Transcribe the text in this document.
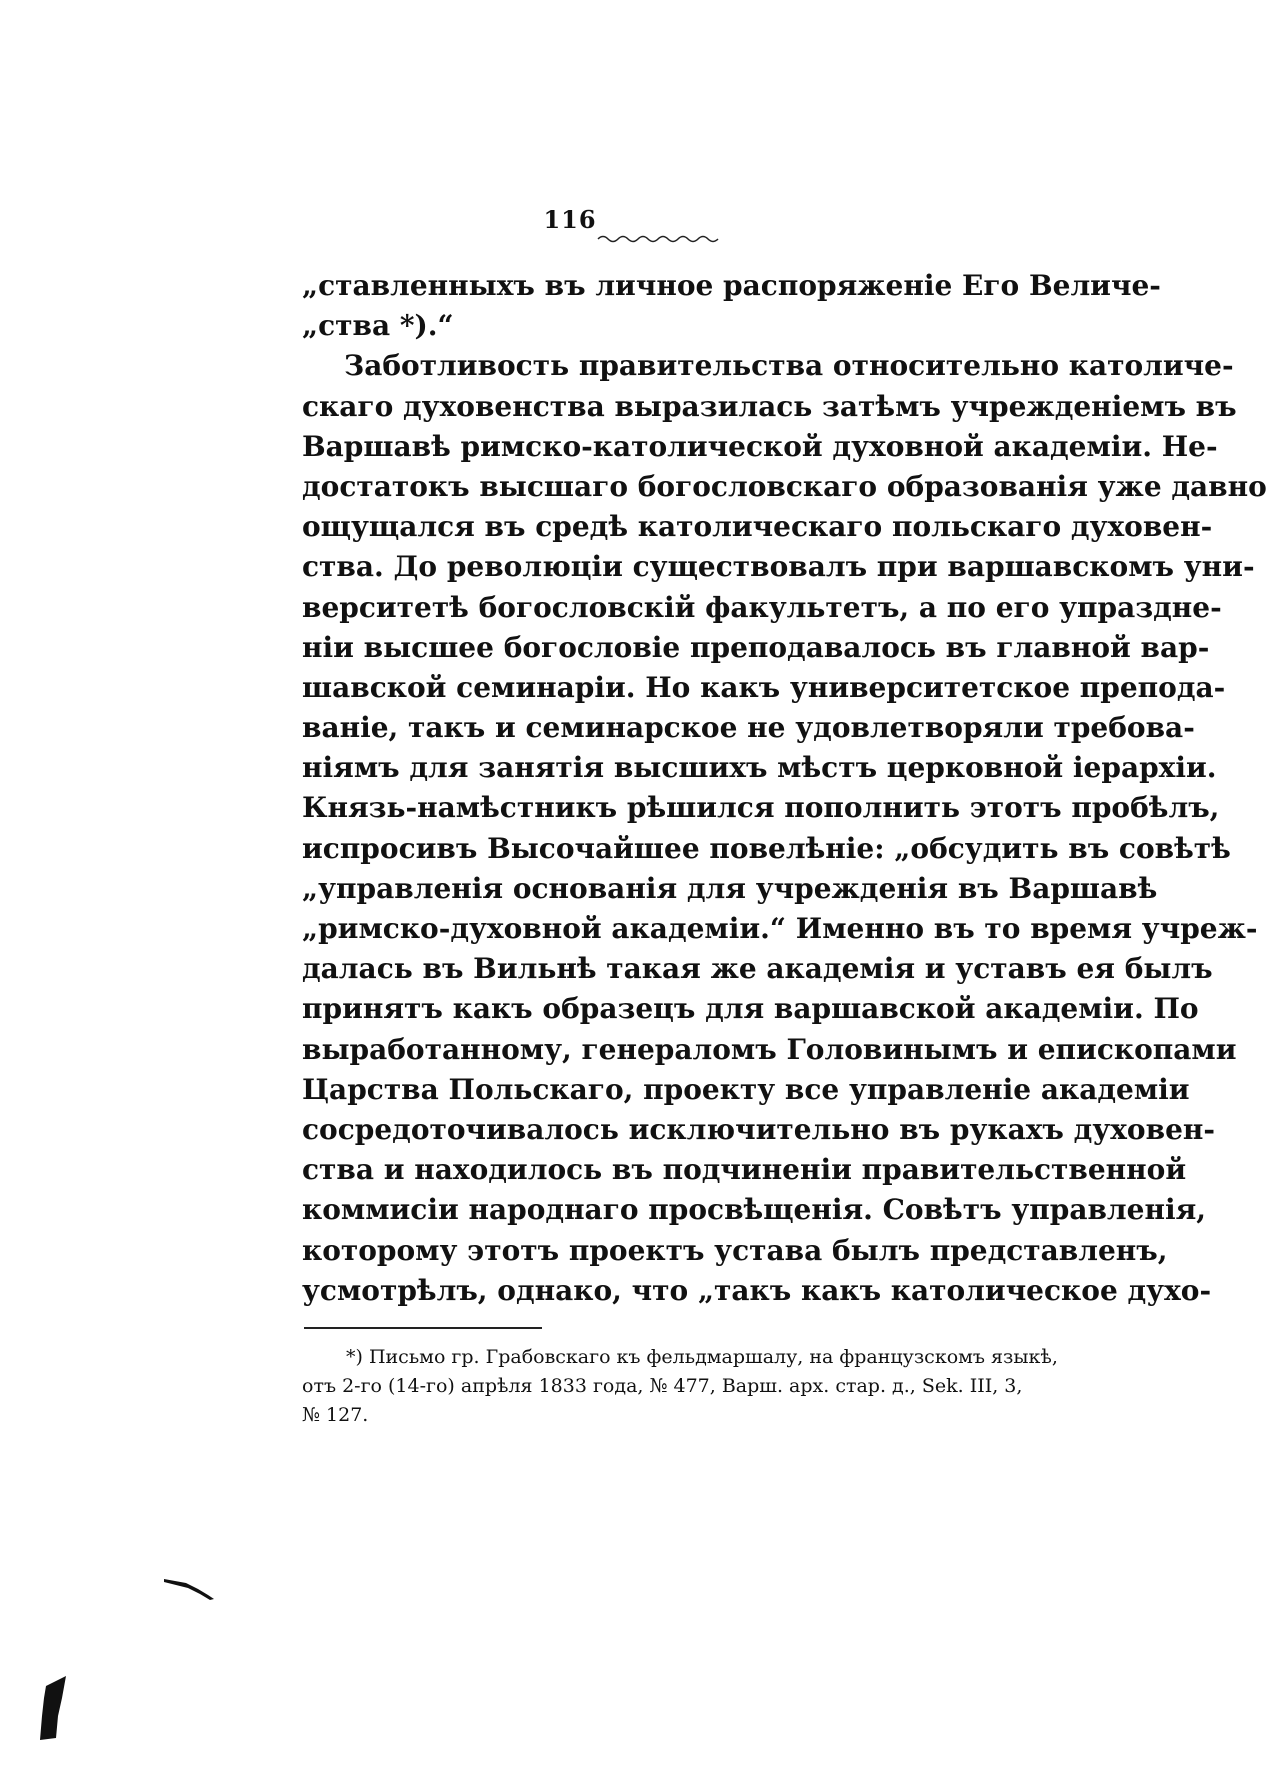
116
„ставленныхъ въ личное распоряженіе Его Величе-
„ства *).“
Заботливость правительства относительно католиче-
скаго духовенства выразилась затѣмъ учрежденіемъ въ
Варшавѣ римско-католической духовной академіи. Не-
достатокъ высшаго богословскаго образованія уже давно
ощущался въ средѣ католическаго польскаго духовен-
ства. До революціи существовалъ при варшавскомъ уни-
верситетѣ богословскій факультетъ, а по его упраздне-
ніи высшее богословіе преподавалось въ главной вар-
шавской семинаріи. Но какъ университетское препода-
ваніе, такъ и семинарское не удовлетворяли требова-
ніямъ для занятія высшихъ мѣстъ церковной іерархіи.
Князь-намѣстникъ рѣшился пополнить этотъ пробѣлъ,
испросивъ Высочайшее повелѣніе: „обсудить въ совѣтѣ
„управленія основанія для учрежденія въ Варшавѣ
„римско-духовной академіи.“ Именно въ то время учреж-
далась въ Вильнѣ такая же академія и уставъ ея былъ
принятъ какъ образецъ для варшавской академіи. По
выработанному, генераломъ Головинымъ и епископами
Царства Польскаго, проекту все управленіе академіи
сосредоточивалось исключительно въ рукахъ духовен-
ства и находилось въ подчиненіи правительственной
коммисіи народнаго просвѣщенія. Совѣтъ управленія,
которому этотъ проектъ устава былъ представленъ,
усмотрѣлъ, однако, что „такъ какъ католическое духо-
*) Письмо гр. Грабовскаго къ фельдмаршалу, на французскомъ языкѣ,
отъ 2-го (14-го) апрѣля 1833 года, № 477, Варш. арх. стар. д., Sek. III, 3,
№ 127.
